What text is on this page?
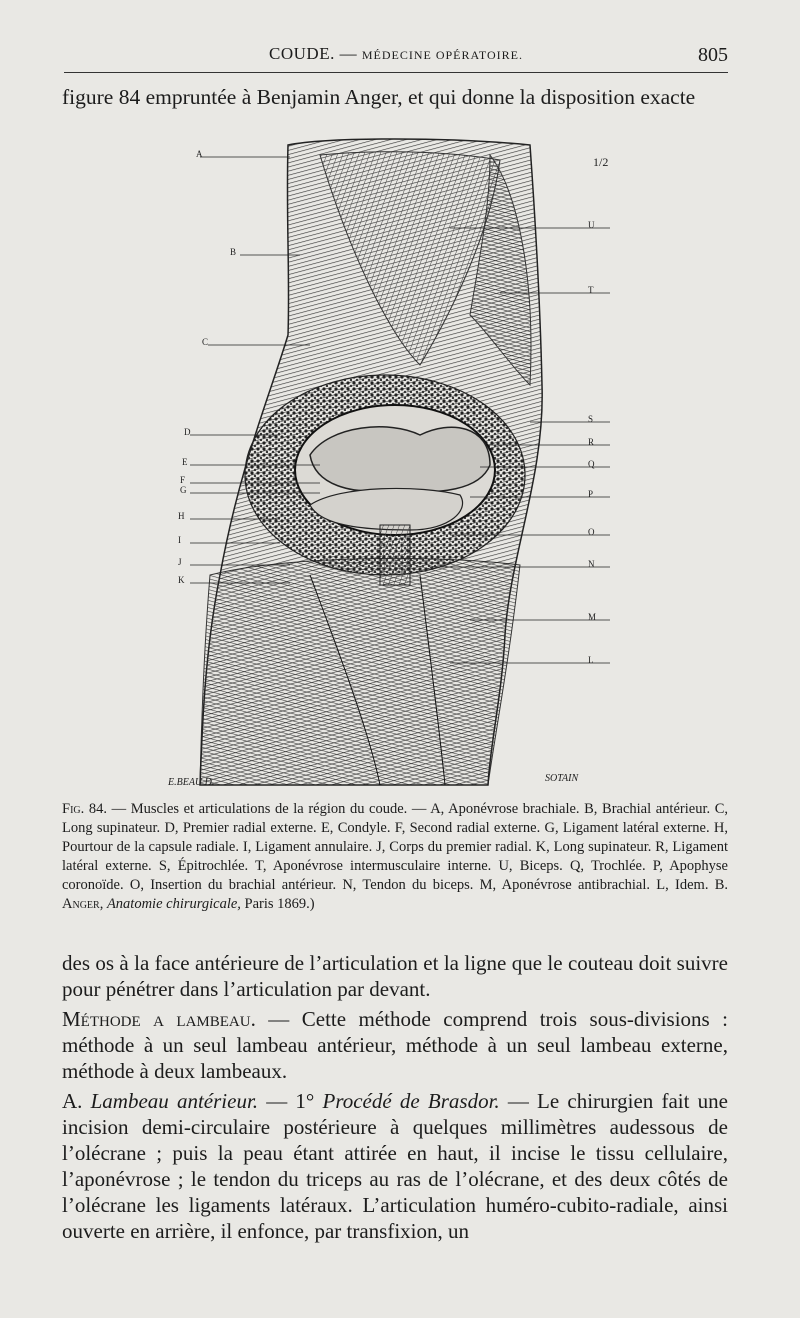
COUDE. — MÉDECINE OPÉRATOIRE.	805
figure 84 empruntée à Benjamin Anger, et qui donne la disposition exacte
1/2
A
B
C
D
E
F
G
H
I
J
K
U
T
S
R
Q
P
O
N
M
L
E.BEAU D.	SOTAIN
Fig. 84. — Muscles et articulations de la région du coude. — A, Aponévrose brachiale. B, Brachial antérieur. C, Long supinateur. D, Premier radial externe. E, Condyle. F, Second radial externe. G, Ligament latéral externe. H, Pourtour de la capsule radiale. I, Ligament annulaire. J, Corps du premier radial. K, Long supinateur. R, Ligament latéral externe. S, Épitrochlée. T, Aponévrose intermusculaire interne. U, Biceps. Q, Trochlée. P, Apophyse coronoïde. O, Insertion du brachial antérieur. N, Tendon du biceps. M, Aponévrose antibrachial. L, Idem. B. Anger, Anatomie chirurgicale, Paris 1869.)

des os à la face antérieure de l’articulation et la ligne que le couteau doit suivre pour pénétrer dans l’articulation par devant.

Méthode a lambeau. — Cette méthode comprend trois sous-divisions : méthode à un seul lambeau antérieur, méthode à un seul lambeau externe, méthode à deux lambeaux.

A. Lambeau antérieur. — 1° Procédé de Brasdor. — Le chirurgien fait une incision demi-circulaire postérieure à quelques millimètres audessous de l’olécrane ; puis la peau étant attirée en haut, il incise le tissu cellulaire, l’aponévrose ; le tendon du triceps au ras de l’olécrane, et des deux côtés de l’olécrane les ligaments latéraux. L’articulation huméro-cubito-radiale, ainsi ouverte en arrière, il enfonce, par transfixion, un
